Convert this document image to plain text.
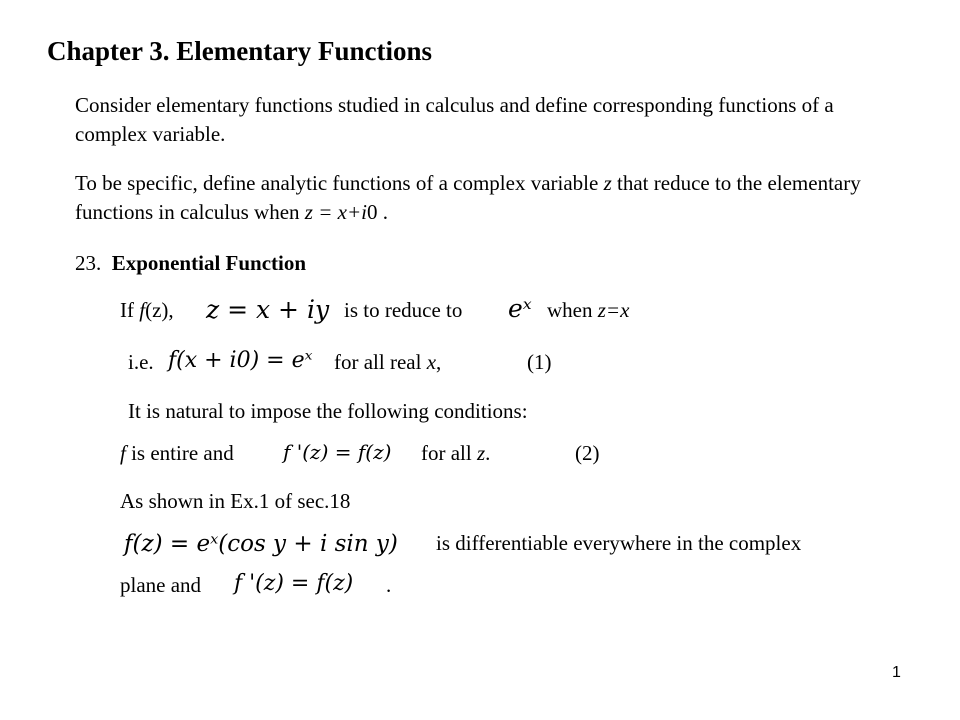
Chapter 3. Elementary Functions
Consider elementary functions studied in calculus and define corresponding functions of a complex variable.
To be specific, define analytic functions of a complex variable z that reduce to the elementary functions in calculus when z = x+i0 .
23. Exponential Function
If f(z), z = x + iy is to reduce to eˣ when z=x
i.e. f(x + i0) = eˣ for all real x,	(1)
It is natural to impose the following conditions:
f is entire and f '(z) = f(z) for all z.	(2)
As shown in Ex.1 of sec.18
f(z) = eˣ(cos y + i sin y) is differentiable everywhere in the complex
plane and f '(z) = f(z) .
1
